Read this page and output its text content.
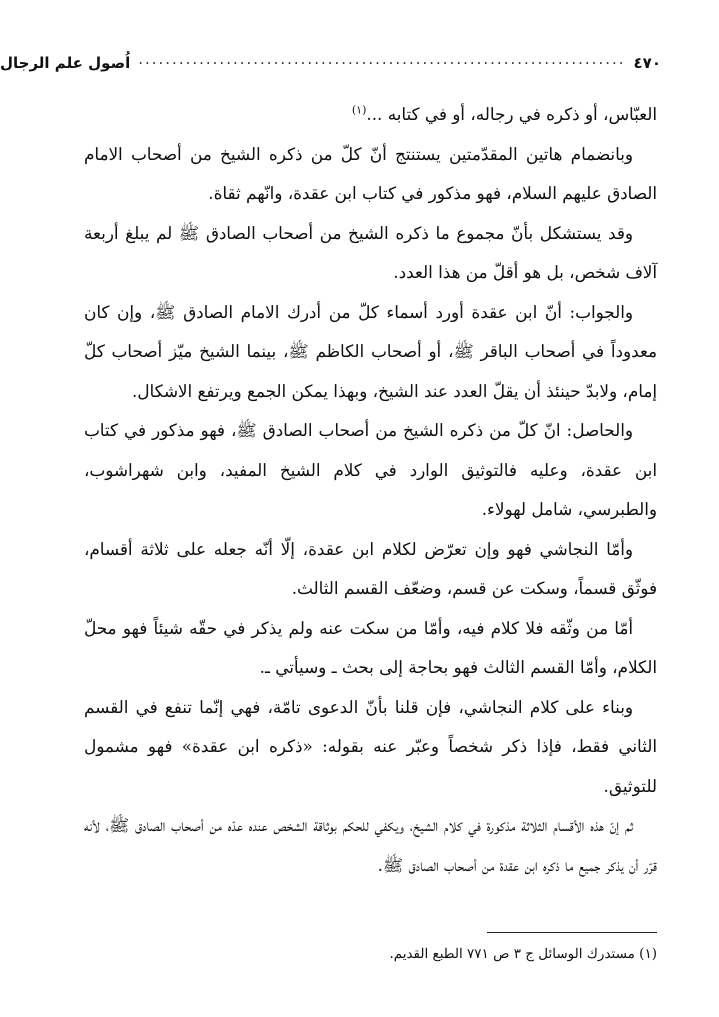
٤٧٠
........................................................................
اُصول علم الرجال

العبّاس، أو ذكره في رجاله، أو في كتابه ...$^{(١)}$

وبانضمام هاتين المقدّمتين يستنتج أنّ كلّ من ذكره الشيخ من أصحاب الامام الصادق عليهم السلام، فهو مذكور في كتاب ابن عقدة، وانّهم ثقاة.

وقد يستشكل بأنّ مجموع ما ذكره الشيخ من أصحاب الصادق ﷺ لم يبلغ أربعة آلاف شخص، بل هو أقلّ من هذا العدد.

والجواب: أنّ ابن عقدة أورد أسماء كلّ من أدرك الامام الصادق ﷺ، وإن كان معدوداً في أصحاب الباقر ﷺ، أو أصحاب الكاظم ﷺ، بينما الشيخ ميّز أصحاب كلّ إمام، ولابدّ حينئذ أن يقلّ العدد عند الشيخ، وبهذا يمكن الجمع ويرتفع الاشكال.

والحاصل: انّ كلّ من ذكره الشيخ من أصحاب الصادق ﷺ، فهو مذكور في كتاب ابن عقدة، وعليه فالتوثيق الوارد في كلام الشيخ المفيد، وابن شهراشوب، والطبرسي، شامل لهولاء.

وأمّا النجاشي فهو وإن تعرّض لكلام ابن عقدة، إلّا أنّه جعله على ثلاثة أقسام، فوثّق قسماً، وسكت عن قسم، وضعّف القسم الثالث.

أمّا من وثّقه فلا كلام فيه، وأمّا من سكت عنه ولم يذكر في حقّه شيئاً فهو محلّ الكلام، وأمّا القسم الثالث فهو بحاجة إلى بحث ـ وسيأتي ـ.

وبناء على كلام النجاشي، فإن قلنا بأنّ الدعوى تامّة، فهي إنّما تنفع في القسم الثاني فقط، فإذا ذكر شخصاً وعبّر عنه بقوله: «ذكره ابن عقدة» فهو مشمول للتوثيق.

ثم إنّ هذه الأقسام الثلاثة مذكورة في كلام الشيخ، ويكفي للحكم بوثاقة الشخص عنده عدّه من أصحاب الصادق ﷺ، لأنه قرّر أن يذكر جميع ما ذكره ابن عقدة من أصحاب الصادق ﷺ.

(١) مستدرك الوسائل ج ٣ ص ٧٧١ الطبع القديم.
